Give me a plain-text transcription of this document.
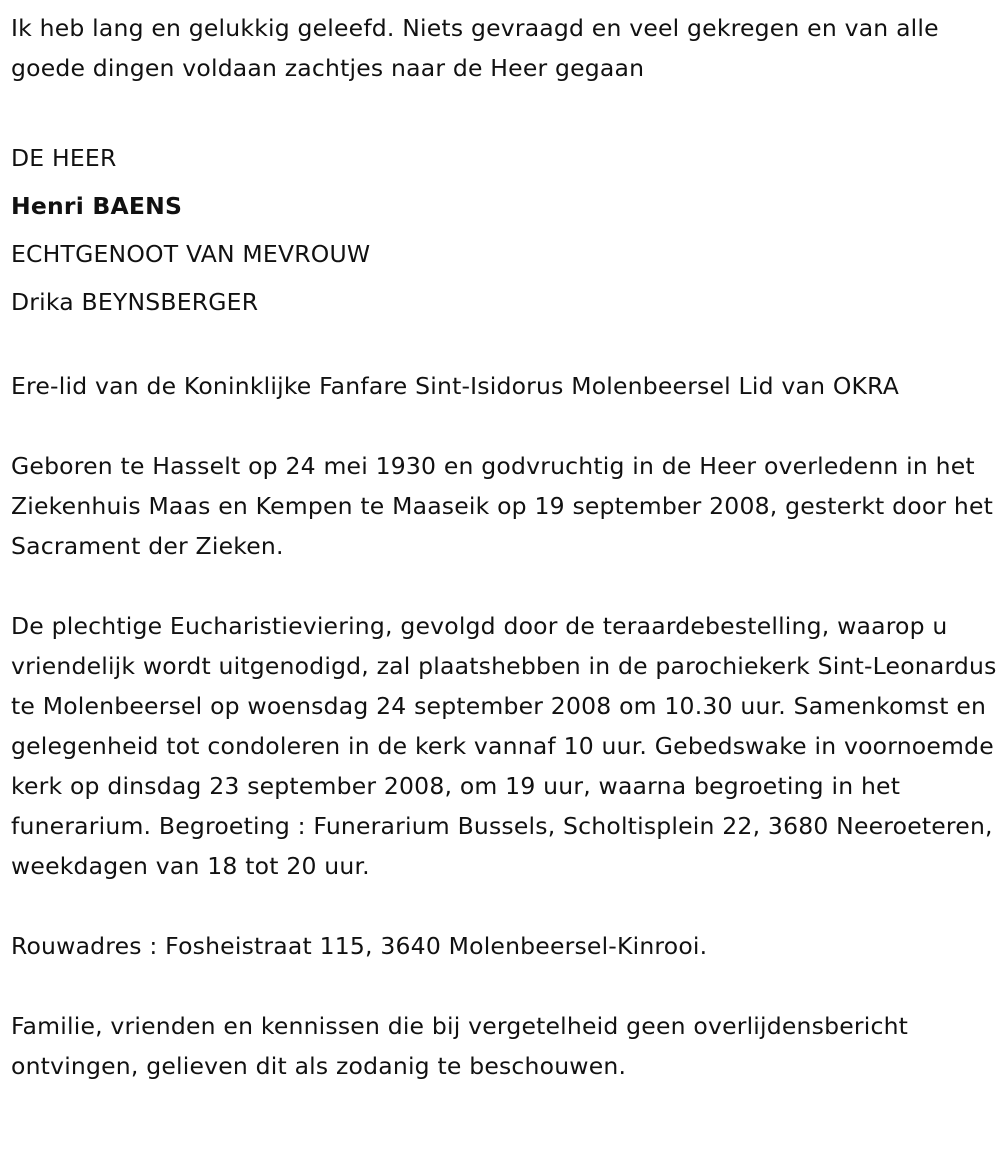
Ik heb lang en gelukkig geleefd. Niets gevraagd en veel gekregen en van alle goede dingen voldaan zachtjes naar de Heer gegaan

DE HEER

Henri BAENS

ECHTGENOOT VAN MEVROUW

Drika BEYNSBERGER

Ere-lid van de Koninklijke Fanfare Sint-Isidorus Molenbeersel Lid van OKRA

Geboren te Hasselt op 24 mei 1930 en godvruchtig in de Heer overledenn in het Ziekenhuis Maas en Kempen te Maaseik op 19 september 2008, gesterkt door het Sacrament der Zieken.

De plechtige Eucharistieviering, gevolgd door de teraardebestelling, waarop u vriendelijk wordt uitgenodigd, zal plaatshebben in de parochiekerk Sint-Leonardus te Molenbeersel op woensdag 24 september 2008 om 10.30 uur. Samenkomst en gelegenheid tot condoleren in de kerk vannaf 10 uur. Gebedswake in voornoemde kerk op dinsdag 23 september 2008, om 19 uur, waarna begroeting in het funerarium. Begroeting : Funerarium Bussels, Scholtisplein 22, 3680 Neeroeteren, weekdagen van 18 tot 20 uur.

Rouwadres : Fosheistraat 115, 3640 Molenbeersel-Kinrooi.

Familie, vrienden en kennissen die bij vergetelheid geen overlijdensbericht ontvingen, gelieven dit als zodanig te beschouwen.
